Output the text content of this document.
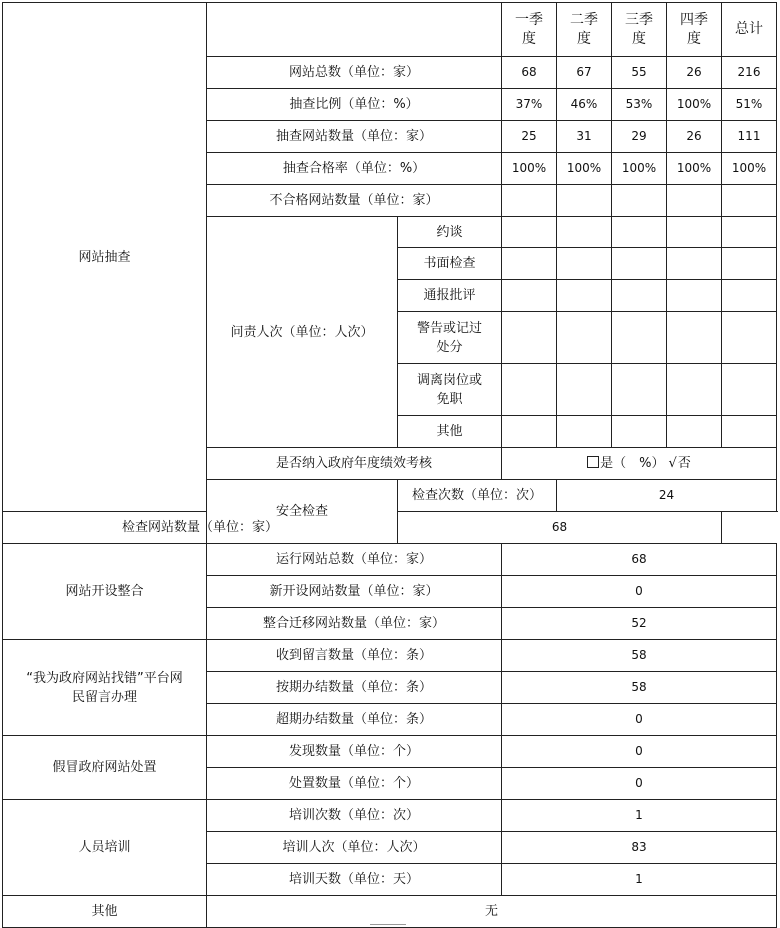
网站抽查			一季
度	二季
度	三季
度	四季
度	总计
	网站总数（单位：家）		68	67	55	26	216
	抽查比例（单位：%）		37%	46%	53%	100%	51%
	抽查网站数量（单位：家）		25	31	29	26	111
	抽查合格率（单位：%）		100%	100%	100%	100%	100%
	不合格网站数量（单位：家）						
	问责人次（单位：人次）	约谈					
		书面检查					
		通报批评					
		警告或记过
处分					
		调离岗位或
免职					
		其他					
	是否纳入政府年度绩效考核		是（　%） √否				
	安全检查	检查次数（单位：次）		24			
检查网站数量（单位：家）		68					
网站开设整合	运行网站总数（单位：家）		68				
	新开设网站数量（单位：家）		0				
	整合迁移网站数量（单位：家）		52				
“我为政府网站找错”平台网
民留言办理	收到留言数量（单位：条）		58				
	按期办结数量（单位：条）		58				
	超期办结数量（单位：条）		0				
假冒政府网站处置	发现数量（单位：个）		0				
	处置数量（单位：个）		0				
人员培训	培训次数（单位：次）		1				
	培训人次（单位：人次）		83				
	培训天数（单位：天）		1				
其他	无						
